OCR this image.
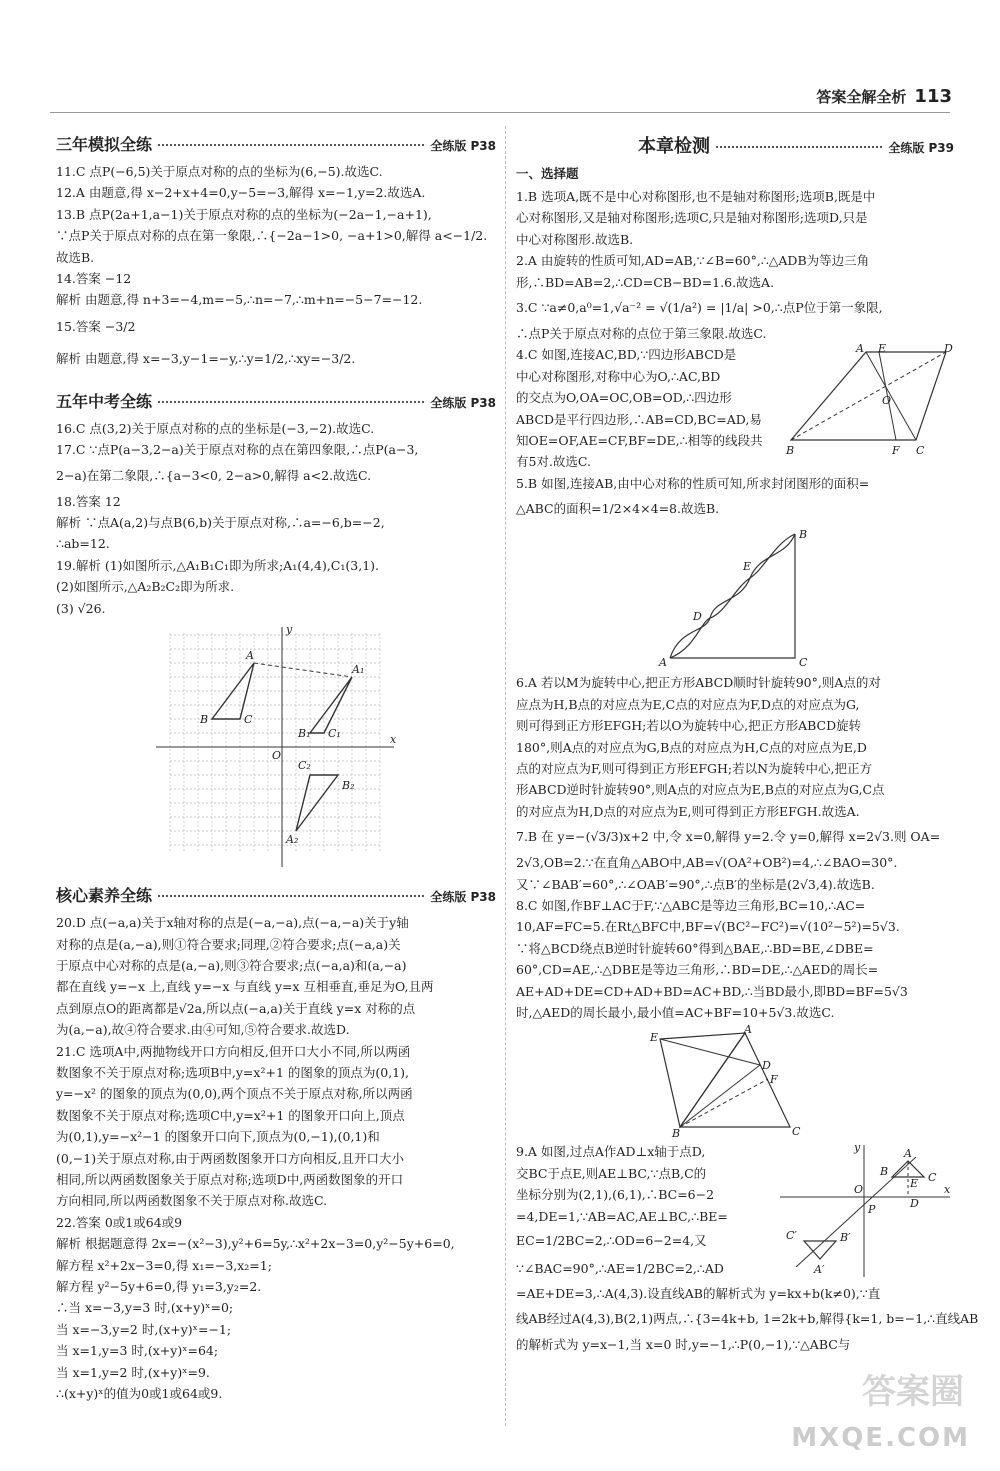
答案全解全析 113
三年模拟全练	全练版 P38

11.C 点P(−6,5)关于原点对称的点的坐标为(6,−5).故选C.

12.A 由题意,得 x−2+x+4=0,y−5=−3,解得 x=−1,y=2.故选A.

13.B 点P(2a+1,a−1)关于原点对称的点的坐标为(−2a−1,−a+1),

∵点P关于原点对称的点在第一象限,∴{−2a−1>0, −a+1>0,解得 a<−1/2.

故选B.

14.答案 −12

解析 由题意,得 n+3=−4,m=−5,∴n=−7,∴m+n=−5−7=−12.

15.答案 −3/2

解析 由题意,得 x=−3,y−1=−y,∴y=1/2,∴xy=−3/2.

五年中考全练	全练版 P38

16.C 点(3,2)关于原点对称的点的坐标是(−3,−2).故选C.

17.C ∵点P(a−3,2−a)关于原点对称的点在第四象限,∴点P(a−3,

2−a)在第二象限,∴{a−3<0, 2−a>0,解得 a<2.故选C.

18.答案 12

解析 ∵点A(a,2)与点B(6,b)关于原点对称,∴a=−6,b=−2,

∴ab=12.

19.解析 (1)如图所示,△A₁B₁C₁即为所求;A₁(4,4),C₁(3,1).

(2)如图所示,△A₂B₂C₂即为所求.

(3) √26.

A
B	C
A₁
B₁ C₁
A₂
B₂
C₂
O
x
y
核心素养全练	全练版 P38

20.D 点(−a,a)关于x轴对称的点是(−a,−a),点(−a,−a)关于y轴

对称的点是(a,−a),则①符合要求;同理,②符合要求;点(−a,a)关

于原点中心对称的点是(a,−a),则③符合要求;点(−a,a)和(a,−a)

都在直线 y=−x 上,直线 y=−x 与直线 y=x 互相垂直,垂足为O,且两

点到原点O的距离都是√2a,所以点(−a,a)关于直线 y=x 对称的点

为(a,−a),故④符合要求.由④可知,⑤符合要求.故选D.

21.C 选项A中,两抛物线开口方向相反,但开口大小不同,所以两函

数图象不关于原点对称;选项B中,y=x²+1 的图象的顶点为(0,1),

y=−x² 的图象的顶点为(0,0),两个顶点不关于原点对称,所以两函

数图象不关于原点对称;选项C中,y=x²+1 的图象开口向上,顶点

为(0,1),y=−x²−1 的图象开口向下,顶点为(0,−1),(0,1)和

(0,−1)关于原点对称,由于两函数图象开口方向相反,且开口大小

相同,所以两函数图象关于原点对称;选项D中,两函数图象的开口

方向相同,所以两函数图象不关于原点对称.故选C.

22.答案 0或1或64或9

解析 根据题意得 2x=−(x²−3),y²+6=5y,∴x²+2x−3=0,y²−5y+6=0,

解方程 x²+2x−3=0,得 x₁=−3,x₂=1;

解方程 y²−5y+6=0,得 y₁=3,y₂=2.

∴当 x=−3,y=3 时,(x+y)ˣ=0;

当 x=−3,y=2 时,(x+y)ˣ=−1;

当 x=1,y=3 时,(x+y)ˣ=64;

当 x=1,y=2 时,(x+y)ˣ=9.

∴(x+y)ˣ的值为0或1或64或9.

本章检测	全练版 P39
一、选择题

1.B 选项A,既不是中心对称图形,也不是轴对称图形;选项B,既是中

心对称图形,又是轴对称图形;选项C,只是轴对称图形;选项D,只是

中心对称图形.故选B.

2.A 由旋转的性质可知,AD=AB,∵∠B=60°,∴△ADB为等边三角

形,∴BD=AB=2,∴CD=CB−BD=1.6.故选A.

3.C ∵a≠0,a⁰=1,√a⁻² = √(1/a²) = |1/a| >0,∴点P位于第一象限,

∴点P关于原点对称的点位于第三象限.故选C.

4.C 如图,连接AC,BD,∵四边形ABCD是

中心对称图形,对称中心为O,∴AC,BD

的交点为O,OA=OC,OB=OD,∴四边形

ABCD是平行四边形,∴AB=CD,BC=AD,易

知OE=OF,AE=CF,BF=DE,∴相等的线段共

有5对.故选C.

A
B	C
D
E
F
O

5.B 如图,连接AB,由中心对称的性质可知,所求封闭图形的面积=

△ABC的面积=1/2×4×4=8.故选B.

A
B
C
D
E

6.A 若以M为旋转中心,把正方形ABCD顺时针旋转90°,则A点的对

应点为H,B点的对应点为E,C点的对应点为F,D点的对应点为G,

则可得到正方形EFGH;若以O为旋转中心,把正方形ABCD旋转

180°,则A点的对应点为G,B点的对应点为H,C点的对应点为E,D

点的对应点为F,则可得到正方形EFGH;若以N为旋转中心,把正方

形ABCD逆时针旋转90°,则A点的对应点为E,B点的对应点为G,C点

的对应点为H,D点的对应点为E,则可得到正方形EFGH.故选A.

7.B 在 y=−(√3/3)x+2 中,令 x=0,解得 y=2.令 y=0,解得 x=2√3.则 OA=

2√3,OB=2.∵在直角△ABO中,AB=√(OA²+OB²)=4,∴∠BAO=30°.

又∵∠BAB′=60°,∴∠OAB′=90°,∴点B′的坐标是(2√3,4).故选B.

8.C 如图,作BF⊥AC于F,∵△ABC是等边三角形,BC=10,∴AC=

10,AF=FC=5.在Rt△BFC中,BF=√(BC²−FC²)=√(10²−5²)=5√3.

∵将△BCD绕点B逆时针旋转60°得到△BAE,∴BD=BE,∠DBE=

60°,CD=AE,∴△DBE是等边三角形,∴BD=DE,∴△AED的周长=

AE+AD+DE=CD+AD+BD=AC+BD,∴当BD最小,即BD=BF=5√3

时,△AED的周长最小,最小值=AC+BF=10+5√3.故选C.

A
B	C
D
E
F

9.A 如图,过点A作AD⊥x轴于点D,

交BC于点E,则AE⊥BC,∵点B,C的

坐标分别为(2,1),(6,1),∴BC=6−2

=4,DE=1,∵AB=AC,AE⊥BC,∴BE=

EC=1/2BC=2,∴OD=6−2=4,又

∵∠BAC=90°,∴AE=1/2BC=2,∴AD

A
B	C
A′
B′
C′
D
E
O
P
x
y

=AE+DE=3,∴A(4,3).设直线AB的解析式为 y=kx+b(k≠0),∵直

线AB经过A(4,3),B(2,1)两点,∴{3=4k+b, 1=2k+b,解得{k=1, b=−1,∴直线AB

的解析式为 y=x−1,当 x=0 时,y=−1,∴P(0,−1),∵△ABC与

答案圈
MXQE.COM
